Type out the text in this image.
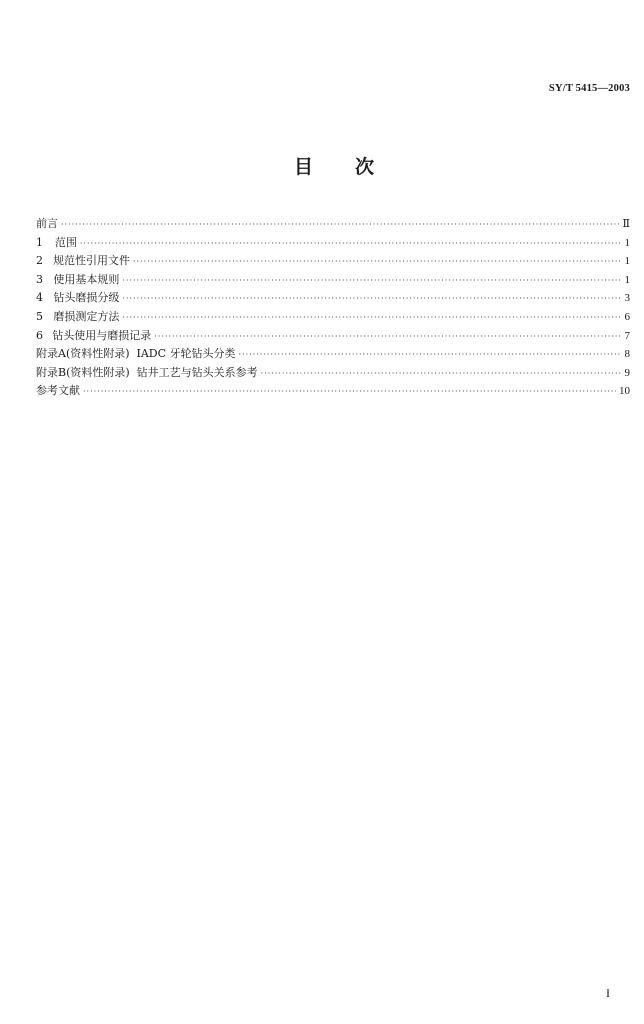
SY/T 5415—2003
目 次
前言 ·····	Ⅱ
1	范围 ·····	1
2 规范性引用文件 ·····	1
3 使用基本规则 ·····	1
4 钻头磨损分级 ·····	3
5 磨损测定方法 ·····	6
6 钻头使用与磨损记录 ·····	7
附录A(资料性附录)  IADC 牙轮钻头分类 ·····	8
附录B(资料性附录)  钻井工艺与钻头关系参考 ·····	9
参考文献 ·····	10
I
